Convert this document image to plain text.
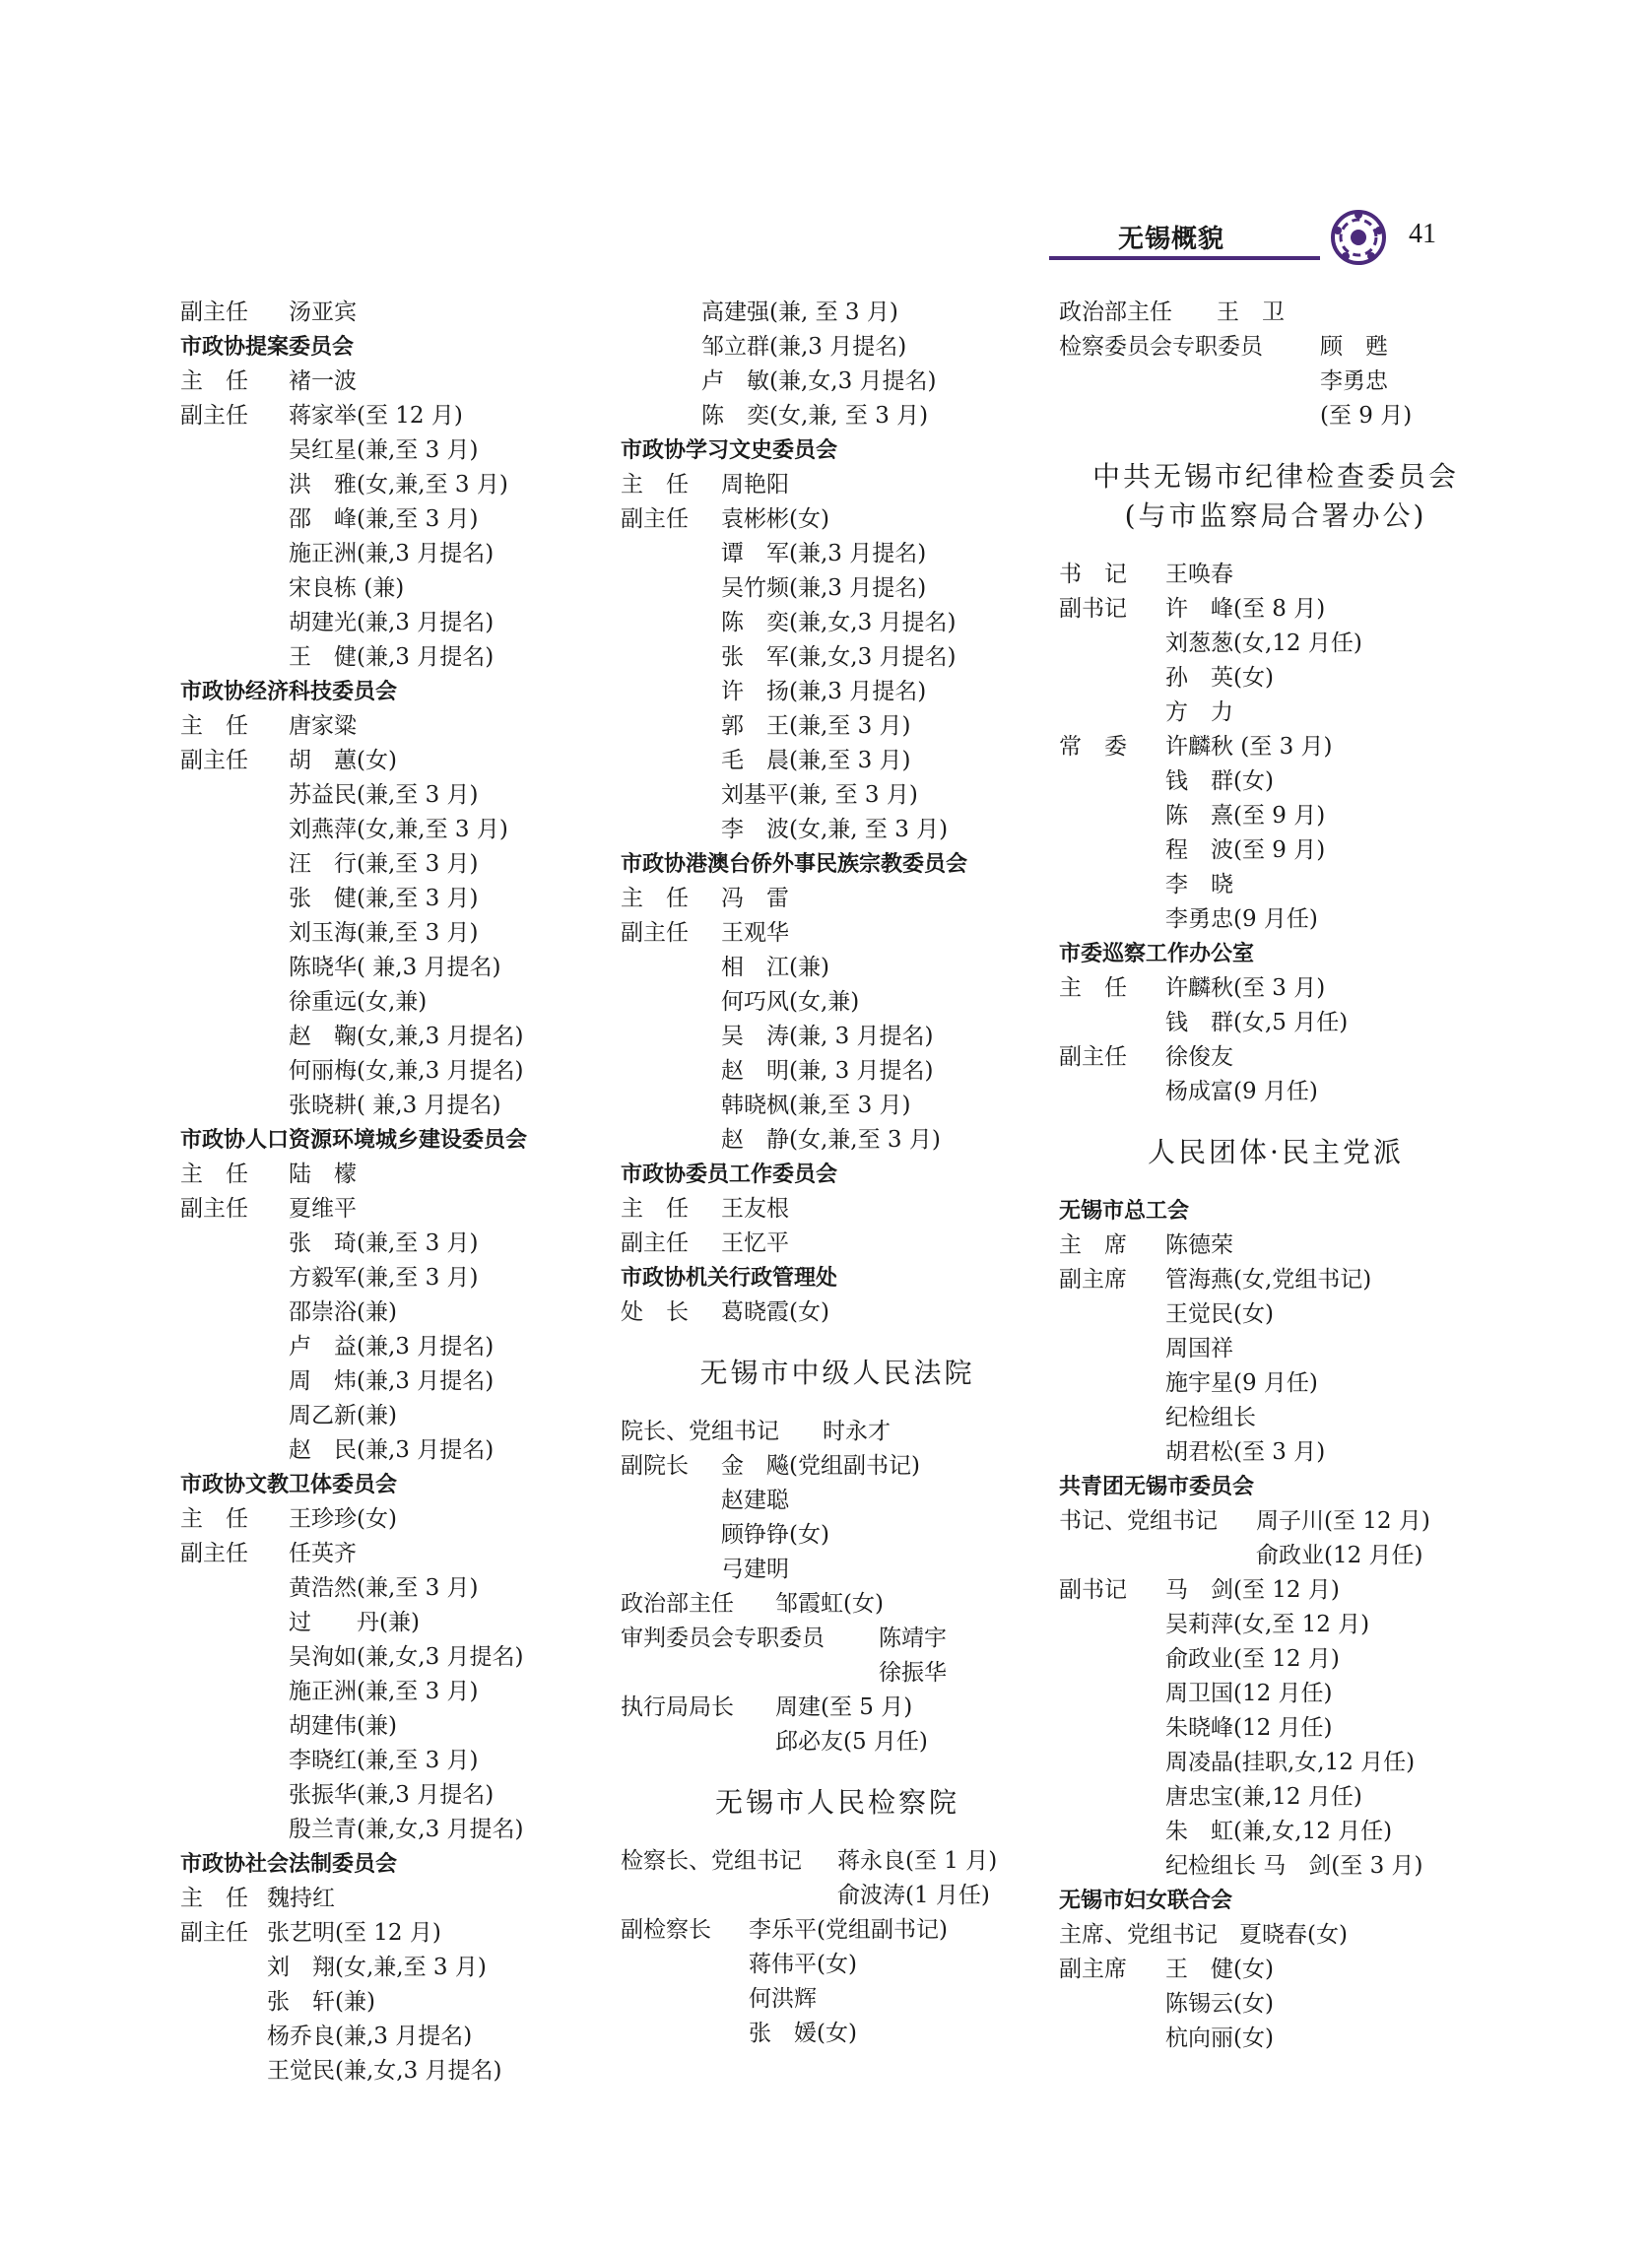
无锡概貌	41
副主任 汤亚宾
市政协提案委员会
主　任 褚一波
副主任 蒋家举(至 12 月)
吴红星(兼,至 3 月)
洪　雅(女,兼,至 3 月)
邵　峰(兼,至 3 月)
施正洲(兼,3 月提名)
宋良栋 (兼)
胡建光(兼,3 月提名)
王　健(兼,3 月提名)
市政协经济科技委员会
主　任 唐家粱
副主任 胡　蕙(女)
苏益民(兼,至 3 月)
刘燕萍(女,兼,至 3 月)
汪　行(兼,至 3 月)
张　健(兼,至 3 月)
刘玉海(兼,至 3 月)
陈晓华( 兼,3 月提名)
徐重远(女,兼)
赵　鞠(女,兼,3 月提名)
何丽梅(女,兼,3 月提名)
张晓耕( 兼,3 月提名)
市政协人口资源环境城乡建设委员会
主　任 陆　檬
副主任 夏维平
张　琦(兼,至 3 月)
方毅军(兼,至 3 月)
邵崇浴(兼)
卢　益(兼,3 月提名)
周　炜(兼,3 月提名)
周乙新(兼)
赵　民(兼,3 月提名)
市政协文教卫体委员会
主　任 王珍珍(女)
副主任 任英齐
黄浩然(兼,至 3 月)
过　　丹(兼)
吴洵如(兼,女,3 月提名)
施正洲(兼,至 3 月)
胡建伟(兼)
李晓红(兼,至 3 月)
张振华(兼,3 月提名)
殷兰青(兼,女,3 月提名)
市政协社会法制委员会
主　任 魏持红
副主任 张艺明(至 12 月)
刘　翔(女,兼,至 3 月)
张　轩(兼)
杨乔良(兼,3 月提名)
王觉民(兼,女,3 月提名)
高建强(兼, 至 3 月)
邹立群(兼,3 月提名)
卢　敏(兼,女,3 月提名)
陈　奕(女,兼, 至 3 月)
市政协学习文史委员会
主　任 周艳阳
副主任 袁彬彬(女)
谭　军(兼,3 月提名)
吴竹频(兼,3 月提名)
陈　奕(兼,女,3 月提名)
张　军(兼,女,3 月提名)
许　扬(兼,3 月提名)
郭　王(兼,至 3 月)
毛　晨(兼,至 3 月)
刘基平(兼, 至 3 月)
李　波(女,兼, 至 3 月)
市政协港澳台侨外事民族宗教委员会
主　任 冯　雷
副主任 王观华
相　江(兼)
何巧风(女,兼)
吴　涛(兼, 3 月提名)
赵　明(兼, 3 月提名)
韩晓枫(兼,至 3 月)
赵　静(女,兼,至 3 月)
市政协委员工作委员会
主　任 王友根
副主任 王忆平
市政协机关行政管理处
处　长 葛晓霞(女)
无锡市中级人民法院
院长、党组书记 时永才
副院长 金　飚(党组副书记)
赵建聪
顾铮铮(女)
弓建明
政治部主任 邹霞虹(女)
审判委员会专职委员 陈靖宇
徐振华
执行局局长 周建(至 5 月)
邱必友(5 月任)
无锡市人民检察院
检察长、党组书记 蒋永良(至 1 月)
俞波涛(1 月任)
副检察长 李乐平(党组副书记)
蒋伟平(女)
何洪辉
张　媛(女)
政治部主任 王　卫
检察委员会专职委员	顾　甦
李勇忠
(至 9 月)
中共无锡市纪律检查委员会
(与市监察局合署办公)
书　记 王唤春
副书记 许　峰(至 8 月)
刘葱葱(女,12 月任)
孙　英(女)
方　力
常　委 许麟秋 (至 3 月)
钱　群(女)
陈　熹(至 9 月)
程　波(至 9 月)
李　晓
李勇忠(9 月任)
市委巡察工作办公室
主　任 许麟秋(至 3 月)
钱　群(女,5 月任)
副主任 徐俊友
杨成富(9 月任)
人民团体·民主党派
无锡市总工会
主　席 陈德荣
副主席 管海燕(女,党组书记)
王觉民(女)
周国祥
施宇星(9 月任)
纪检组长
胡君松(至 3 月)
共青团无锡市委员会
书记、党组书记 周子川(至 12 月)
俞政业(12 月任)
副书记 马　剑(至 12 月)
吴莉萍(女,至 12 月)
俞政业(至 12 月)
周卫国(12 月任)
朱晓峰(12 月任)
周凌晶(挂职,女,12 月任)
唐忠宝(兼,12 月任)
朱　虹(兼,女,12 月任)
纪检组长 马　剑(至 3 月)
无锡市妇女联合会
主席、党组书记 夏晓春(女)
副主席 王　健(女)
陈锡云(女)
杭向丽(女)
